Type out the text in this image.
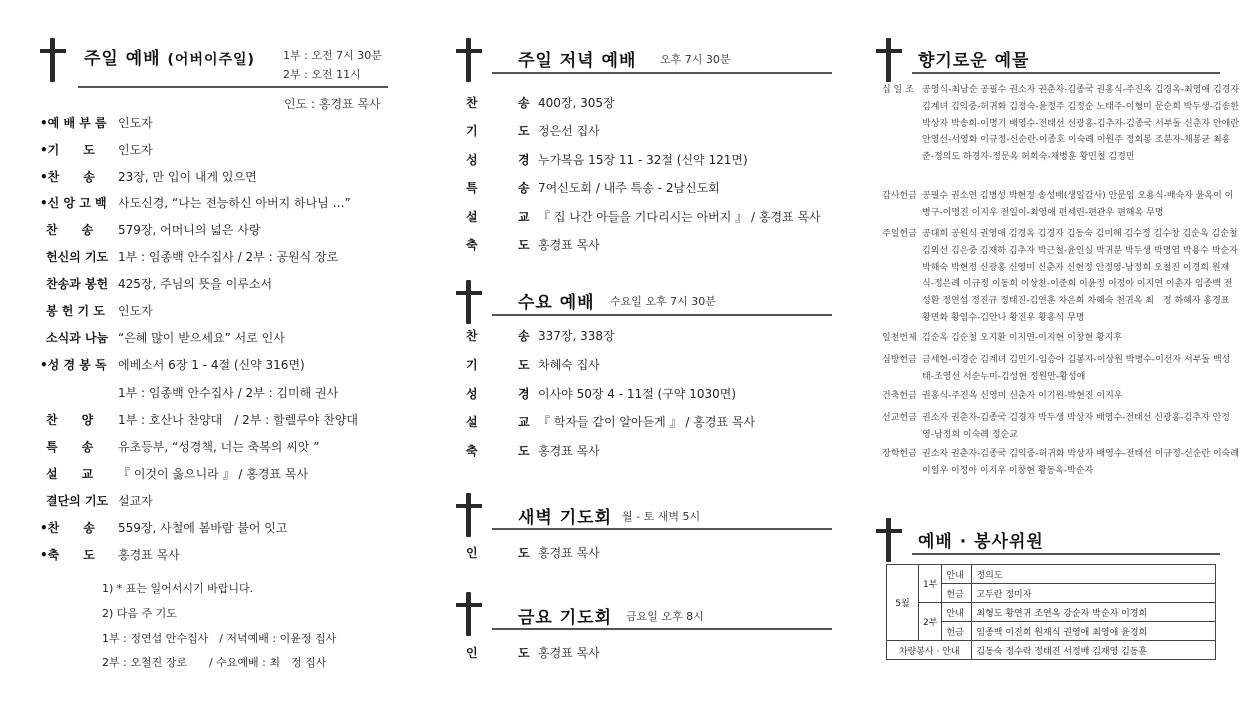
주일 예배 (어버이주일)	1부 : 오전 7시 30분
2부 : 오전 11시
인도 : 홍경표 목사
•예 배 부 름 인도자
•기　　도 인도자
•찬　　송 23장, 만 입이 내게 있으면
•신 앙 고 백 사도신경, “나는 전능하신 아버지 하나님 …”
찬　　송 579장, 어머니의 넓은 사랑
헌신의 기도 1부 : 임종백 안수집사 / 2부 : 공원식 장로
찬송과 봉헌 425장, 주님의 뜻을 이루소서
봉 헌 기 도 인도자
소식과 나눔 “은혜 많이 받으세요” 서로 인사
•성 경 봉 독 에베소서 6장 1 - 4절 (신약 316면)
1부 : 임종백 안수집사 / 2부 : 김미해 권사
찬　　양 1부 : 호산나 찬양대　/ 2부 : 할렐루야 찬양대
특　　송 유초등부, “성경책, 너는 축복의 씨앗 ”
설　　교 『 이것이 옳으니라 』 / 홍경표 목사
결단의 기도 설교자
•찬　　송 559장, 사철에 봄바람 불어 잇고
•축　　도 홍경표 목사
1) * 표는 일어서시기 바랍니다.
2) 다음 주 기도
1부 : 정연섭 안수집사　/ 저녁예배 : 이윤정 집사
2부 : 오철진 장로　　/ 수요예배 : 최　정 집사
주일 저녁 예배 오후 7시 30분
찬	송 400장, 305장
기	도 정은선 집사
성	경 누가복음 15장 11 - 32절 (신약 121면)
특	송 7여신도회 / 내주 특송 - 2남신도회
설	교 『 집 나간 아들을 기다리시는 아버지 』 / 홍경표 목사
축	도 홍경표 목사
수요 예배 수요일 오후 7시 30분
찬	송 337장, 338장
기	도 차혜숙 집사
성	경 이사야 50장 4 - 11절 (구약 1030면)
설	교 『 학자들 같이 알아듣게 』 / 홍경표 목사
축	도 홍경표 목사
새벽 기도회 월 - 토 새벽 5시
인	도 홍경표 목사
금요 기도회 금요일 오후 8시
인	도 홍경표 목사
향기로운 예물
십 일 조 공영식-최남순 공필수 권소자 권춘자-김종국 권홍식-주진옥 김경옥-최영애 김경자 김계녀 김익중-허귀화 김정숙-윤정주 김정순 노태주-이형미 문순희 박두생-김송한 박상자 박송희-이명기 배영수-전태선 신광홍-김추자-김종국 서부돌 신춘자 안애란 안영선-서영화 이규정-신순란-이종호 이숙례 이원주 정회봉 조분자-채봉균 최홍준-정의도 하경자-정문옥 허희숙-채병훈 황민철 김정민
감사헌금 공필수 권소연 김병성 박현정 송성배(생일감사) 안문임 오용식-배숙자 윤옥이 이병구-이명진 이지우 전일이-최영애 편세린-편관우 편해옥 무명
주일헌금 공대희 공원식 권영애 김경옥 김경자 김동숙 김미해 김수정 김수창 김순옥 김순철 김외선 김은중 김재하 김추자 박근철-윤인실 박귀분 박두생 박명엽 박용수 박순자 박해숙 박현정 신광홍 신영미 신춘자 신현정 안정영-남정희 오철진 이경희 원재식-정은례 이규정 이동희 이상찬-이준희 이윤정 이정아 이지연 이춘자 임종백 전성환 정연섭 정진규 정태진-김연훈 차은희 차혜숙 천귀옥 최　정 하혜자 홍경표 황면화 황임수-김안나 황진우 황홍식 무명
일천번제 김순옥 김순철 오지환 이지연-이지현 이창현 황지후
심방헌금 금세현-이경순 김계녀 김민기-임승아 김봉자-이상원 박병수-이선자 서부돌 백성태-조영선 서순누미-김성현 정원만-황성애
건축헌금 권홍식-주진옥 신영미 신춘자 이기원-박현진 이지우
선교헌금 권소자 권춘자-김종국 김경자 박두생 박상자 배영수-전태선 신광홍-김추자 안정영-남정희 이숙례 정순교
장학헌금 권소자 권춘자-김종국 김익중-허귀화 박상자 배영수-전태선 이규정-신순란 이숙례 이일우 이정아 이지우 이창현 황동옥-박순자
예배 · 봉사위원
5월	1부	안내	정의도
		헌금	고두란 정미자
	2부	안내	최형도 황연귀 조연옥 강순자 박순자 이경희
		헌금	임종백 이진희 원재식 권영애 최영애 윤경희
차량봉사 · 안내			김동숙 정수락 정태진 서정배 김재영 김동훈
